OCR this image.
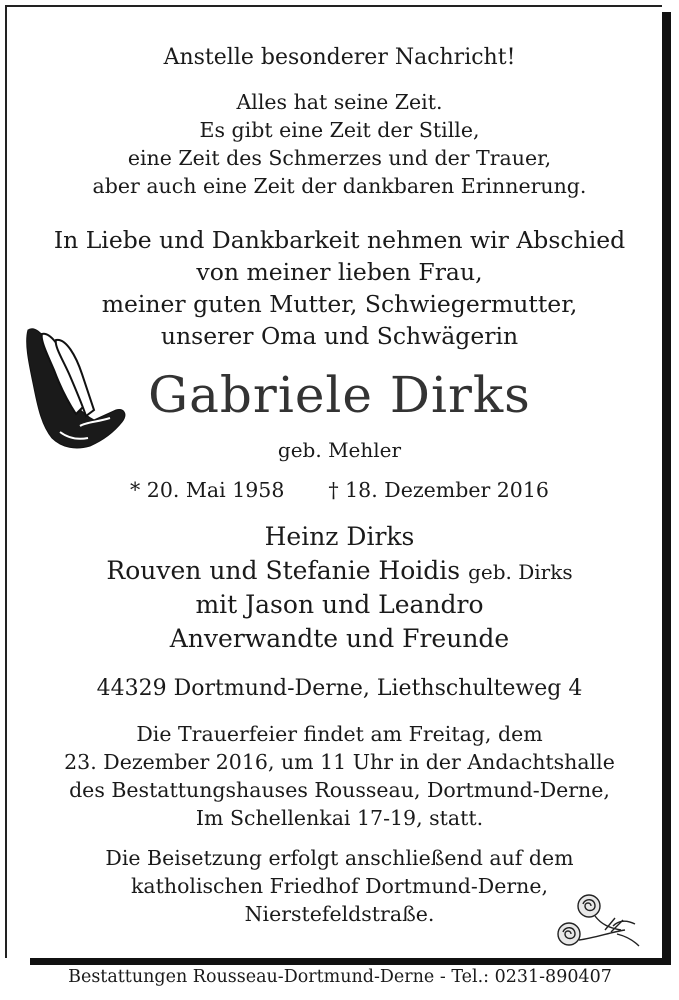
Anstelle besonderer Nachricht!
Alles hat seine Zeit.
Es gibt eine Zeit der Stille,
eine Zeit des Schmerzes und der Trauer,
aber auch eine Zeit der dankbaren Erinnerung.
In Liebe und Dankbarkeit nehmen wir Abschied
von meiner lieben Frau,
meiner guten Mutter, Schwiegermutter,
unserer Oma und Schwägerin
Gabriele Dirks
geb. Mehler
* 20. Mai 1958 † 18. Dezember 2016
Heinz Dirks
Rouven und Stefanie Hoidis geb. Dirks
mit Jason und Leandro
Anverwandte und Freunde
44329 Dortmund-Derne, Liethschulteweg 4
Die Trauerfeier findet am Freitag, dem
23. Dezember 2016, um 11 Uhr in der Andachtshalle
des Bestattungshauses Rousseau, Dortmund-Derne,
Im Schellenkai 17-19, statt.
Die Beisetzung erfolgt anschließend auf dem
katholischen Friedhof Dortmund-Derne,
Nierstefeldstraße.
Bestattungen Rousseau-Dortmund-Derne - Tel.: 0231-890407
